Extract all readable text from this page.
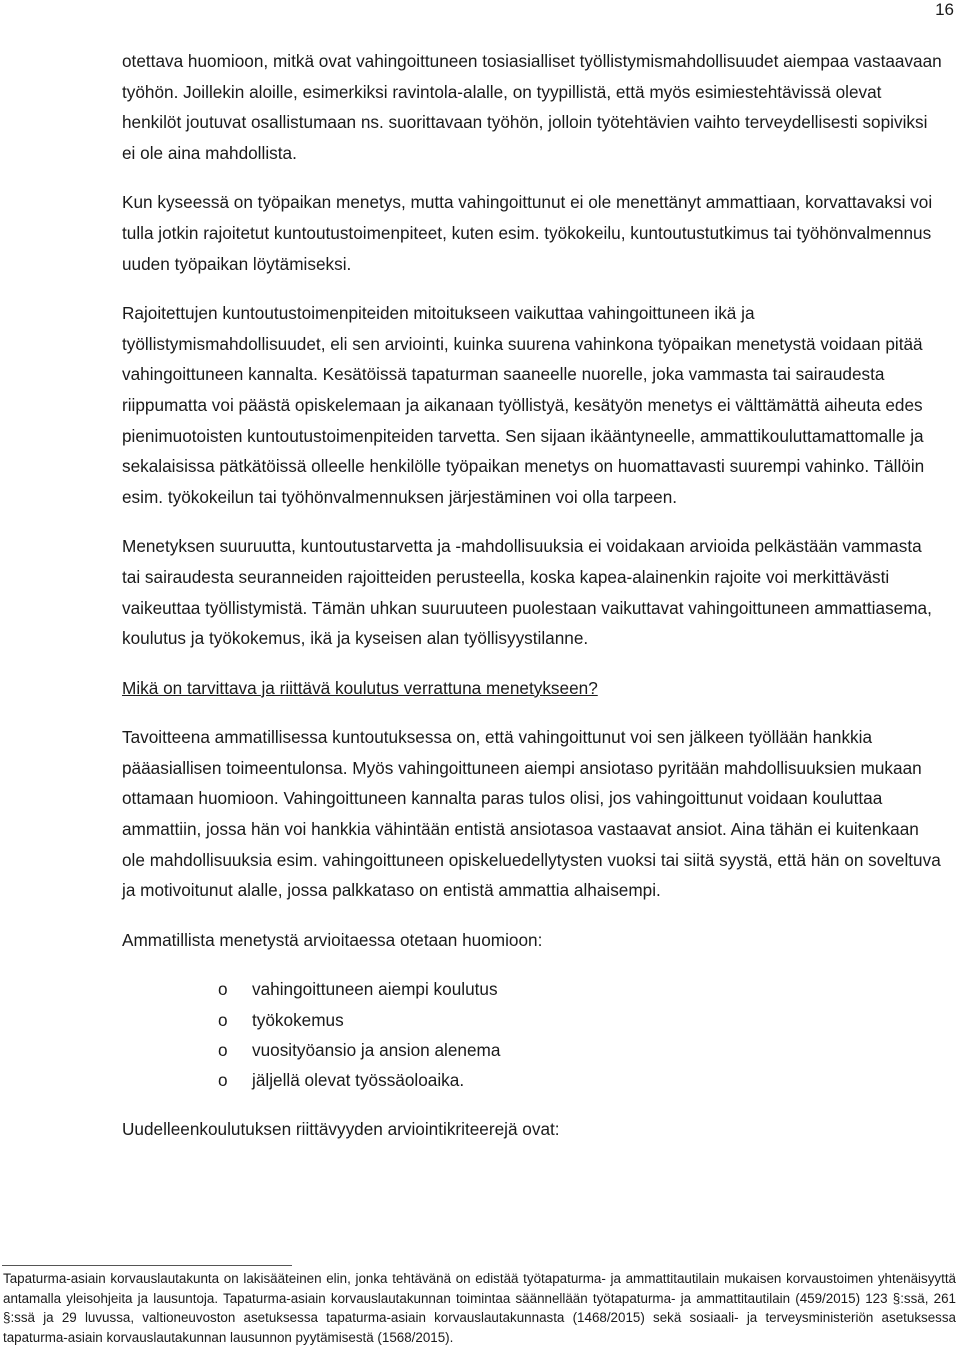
16

otettava huomioon, mitkä ovat vahingoittuneen tosiasialliset työllistymismahdollisuudet aiempaa vastaavaan työhön. Joillekin aloille, esimerkiksi ravintola-alalle, on tyypillistä, että myös esimiestehtävissä olevat henkilöt joutuvat osallistumaan ns. suorittavaan työhön, jolloin työtehtävien vaihto terveydellisesti sopiviksi ei ole aina mahdollista.

Kun kyseessä on työpaikan menetys, mutta vahingoittunut ei ole menettänyt ammattiaan, korvattavaksi voi tulla jotkin rajoitetut kuntoutustoimenpiteet, kuten esim. työkokeilu, kuntoutustutkimus tai työhönvalmennus uuden työpaikan löytämiseksi.

Rajoitettujen kuntoutustoimenpiteiden mitoitukseen vaikuttaa vahingoittuneen ikä ja työllistymismahdollisuudet, eli sen arviointi, kuinka suurena vahinkona työpaikan menetystä voidaan pitää vahingoittuneen kannalta. Kesätöissä tapaturman saaneelle nuorelle, joka vammasta tai sairaudesta riippumatta voi päästä opiskelemaan ja aikanaan työllistyä, kesätyön menetys ei välttämättä aiheuta edes pienimuotoisten kuntoutustoimenpiteiden tarvetta. Sen sijaan ikääntyneelle, ammattikouluttamattomalle ja sekalaisissa pätkätöissä olleelle henkilölle työpaikan menetys on huomattavasti suurempi vahinko. Tällöin esim. työkokeilun tai työhönvalmennuksen järjestäminen voi olla tarpeen.

Menetyksen suuruutta, kuntoutustarvetta ja -mahdollisuuksia ei voidakaan arvioida pelkästään vammasta tai sairaudesta seuranneiden rajoitteiden perusteella, koska kapea-alainenkin rajoite voi merkittävästi vaikeuttaa työllistymistä. Tämän uhkan suuruuteen puolestaan vaikuttavat vahingoittuneen ammattiasema, koulutus ja työkokemus, ikä ja kyseisen alan työllisyystilanne.

Mikä on tarvittava ja riittävä koulutus verrattuna menetykseen?

Tavoitteena ammatillisessa kuntoutuksessa on, että vahingoittunut voi sen jälkeen työllään hankkia pääasiallisen toimeentulonsa. Myös vahingoittuneen aiempi ansiotaso pyritään mahdollisuuksien mukaan ottamaan huomioon. Vahingoittuneen kannalta paras tulos olisi, jos vahingoittunut voidaan kouluttaa ammattiin, jossa hän voi hankkia vähintään entistä ansiotasoa vastaavat ansiot. Aina tähän ei kuitenkaan ole mahdollisuuksia esim. vahingoittuneen opiskeluedellytysten vuoksi tai siitä syystä, että hän on soveltuva ja motivoitunut alalle, jossa palkkataso on entistä ammattia alhaisempi.

Ammatillista menetystä arvioitaessa otetaan huomioon:

o vahingoittuneen aiempi koulutus
o työkokemus
o vuosityöansio ja ansion alenema
o jäljellä olevat työssäoloaika.

Uudelleenkoulutuksen riittävyyden arviointikriteerejä ovat:

Tapaturma-asiain korvauslautakunta on lakisääteinen elin, jonka tehtävänä on edistää työtapaturma- ja ammattitautilain mukaisen korvaustoimen yhtenäisyyttä antamalla yleisohjeita ja lausuntoja. Tapaturma-asiain korvauslautakunnan toimintaa säännellään työtapaturma- ja ammattitautilain (459/2015) 123 §:ssä, 261 §:ssä ja 29 luvussa, valtioneuvoston asetuksessa tapaturma-asiain korvauslautakunnasta (1468/2015) sekä sosiaali- ja terveysministeriön asetuksessa tapaturma-asiain korvauslautakunnan lausunnon pyytämisestä (1568/2015).
